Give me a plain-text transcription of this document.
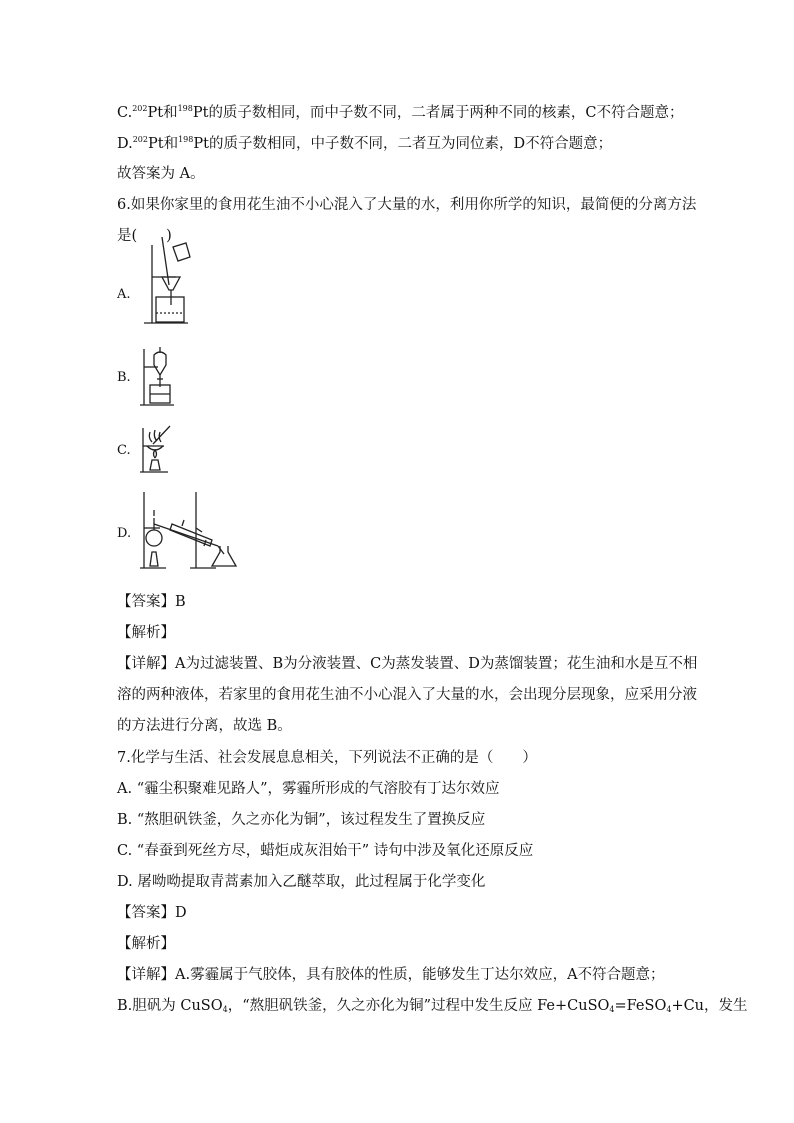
C.$^{202}$Pt和$^{198}$Pt的质子数相同，而中子数不同，二者属于两种不同的核素，C不符合题意；
D.$^{202}$Pt和$^{198}$Pt的质子数相同，中子数不同，二者互为同位素，D不符合题意；
故答案为 A。
6.如果你家里的食用花生油不小心混入了大量的水，利用你所学的知识，最简便的分离方法
是(　　)
A.
B.
C.
D.
【答案】B
【解析】
【详解】A为过滤装置、B为分液装置、C为蒸发装置、D为蒸馏装置；花生油和水是互不相
溶的两种液体，若家里的食用花生油不小心混入了大量的水，会出现分层现象，应采用分液
的方法进行分离，故选 B。
7.化学与生活、社会发展息息相关，下列说法不正确的是（　　）
A. “霾尘积聚难见路人”，雾霾所形成的气溶胶有丁达尔效应
B. “熬胆矾铁釜，久之亦化为铜”，该过程发生了置换反应
C. “春蚕到死丝方尽，蜡炬成灰泪始干” 诗句中涉及氧化还原反应
D. 屠呦呦提取青蒿素加入乙醚萃取，此过程属于化学变化
【答案】D
【解析】
【详解】A.雾霾属于气胶体，具有胶体的性质，能够发生丁达尔效应，A不符合题意；
B.胆矾为 CuSO$_4$，“熬胆矾铁釜，久之亦化为铜”过程中发生反应 Fe+CuSO$_4$=FeSO$_4$+Cu，发生
